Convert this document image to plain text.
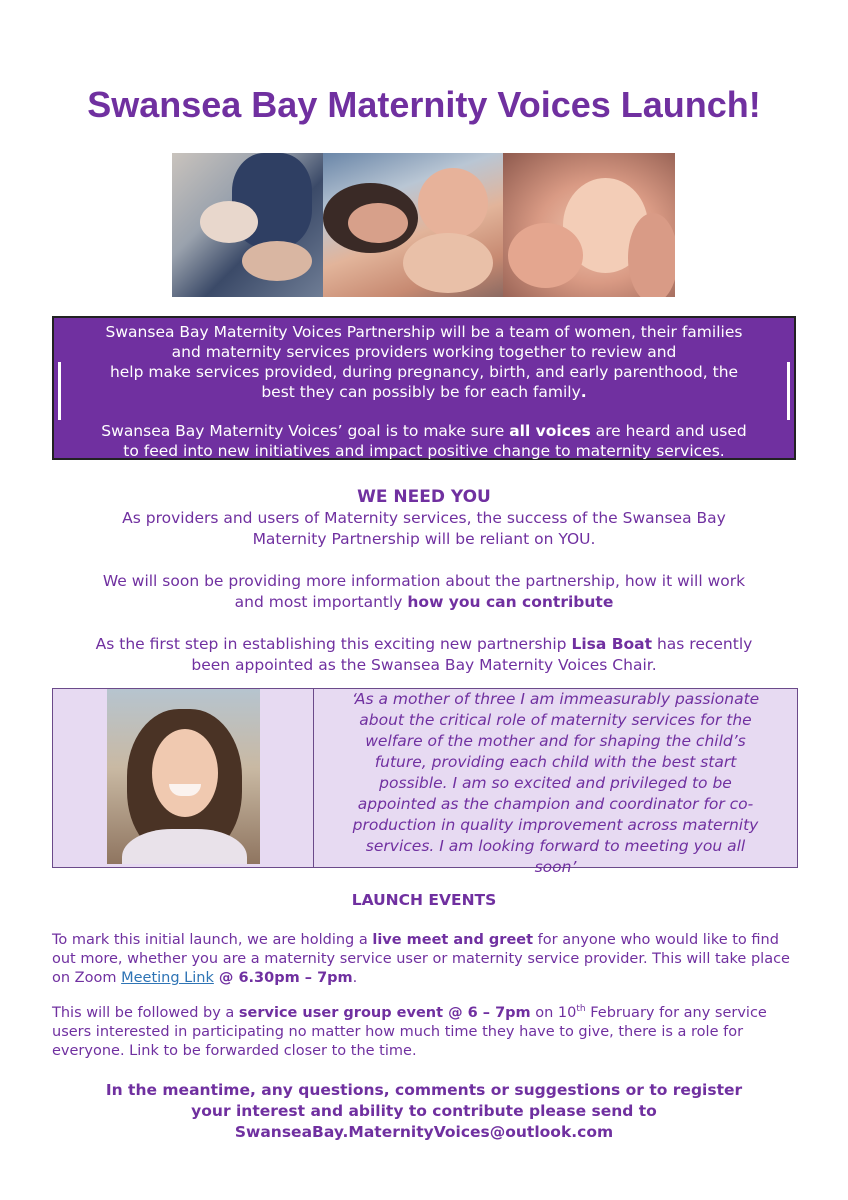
Swansea Bay Maternity Voices Launch!

Swansea Bay Maternity Voices Partnership will be a team of women, their families

and maternity services providers working together to review and

help make services provided, during pregnancy, birth, and early parenthood, the

best they can possibly be for each family.

Swansea Bay Maternity Voices’ goal is to make sure all voices are heard and used

to feed into new initiatives and impact positive change to maternity services.

WE NEED YOU

As providers and users of Maternity services, the success of the Swansea Bay

Maternity Partnership will be reliant on YOU.

We will soon be providing more information about the partnership, how it will work

and most importantly how you can contribute

As the first step in establishing this exciting new partnership Lisa Boat has recently

been appointed as the Swansea Bay Maternity Voices Chair.

‘As a mother of three I am immeasurably passionate
about the critical role of maternity services for the
welfare of the mother and for shaping the child’s
future, providing each child with the best start
possible. I am so excited and privileged to be
appointed as the champion and coordinator for co-
production in quality improvement across maternity
services. I am looking forward to meeting you all
soon’
LAUNCH EVENTS

To mark this initial launch, we are holding a live meet and greet for anyone who would like to find out more, whether you are a maternity service user or maternity service provider. This will take place on Zoom Meeting Link @ 6.30pm – 7pm.

This will be followed by a service user group event @ 6 – 7pm on 10th February for any service users interested in participating no matter how much time they have to give, there is a role for everyone. Link to be forwarded closer to the time.

In the meantime, any questions, comments or suggestions or to register

your interest and ability to contribute please send to

SwanseaBay.MaternityVoices@outlook.com
